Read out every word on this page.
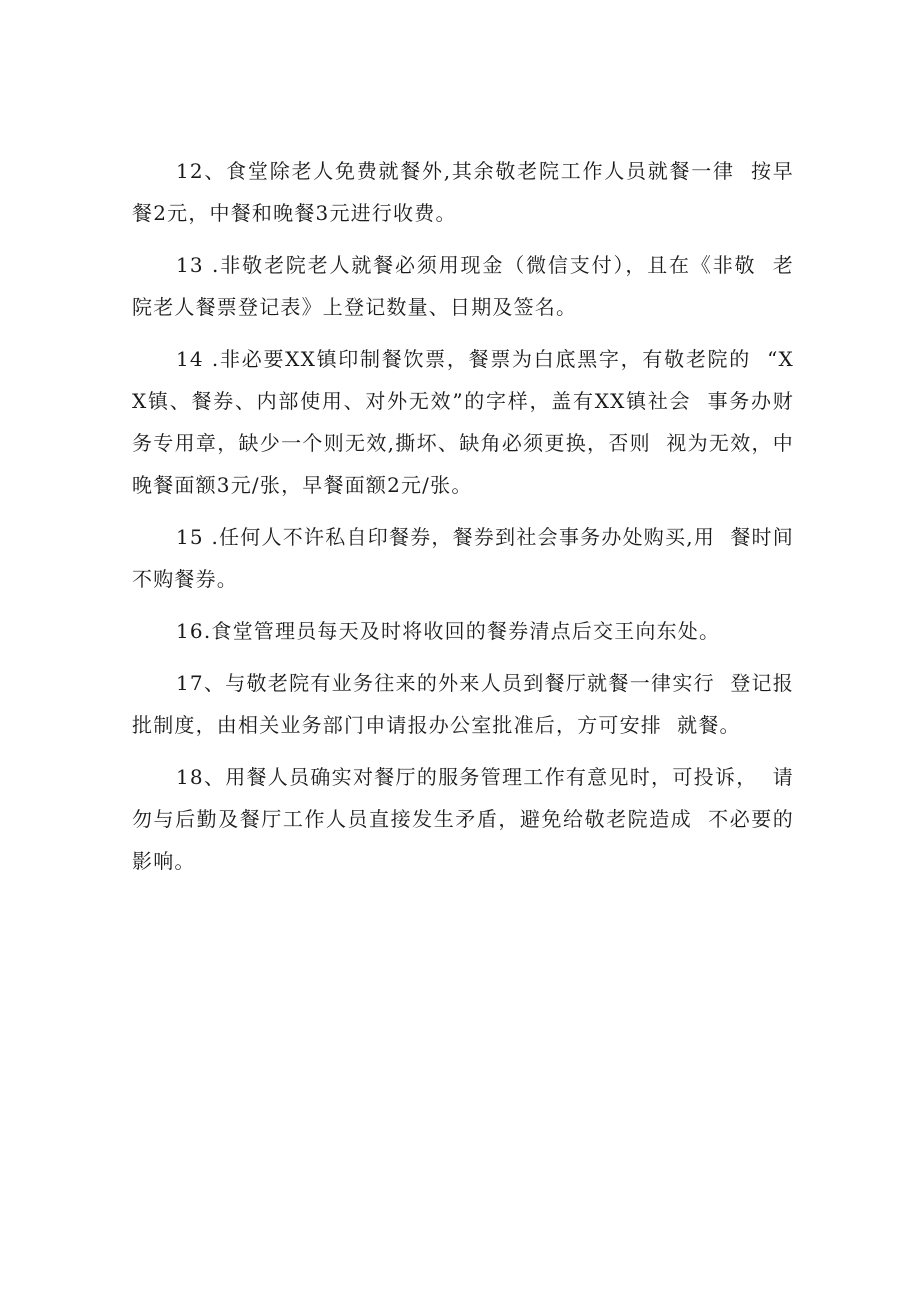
12、食堂除老人免费就餐外,其余敬老院工作人员就餐一律  按早餐2元，中餐和晚餐3元进行收费。

13 .非敬老院老人就餐必须用现金（微信支付），且在《非敬  老院老人餐票登记表》上登记数量、日期及签名。

14 .非必要XX镇印制餐饮票，餐票为白底黑字，有敬老院的  “XX镇、餐券、内部使用、对外无效”的字样，盖有XX镇社会  事务办财务专用章，缺少一个则无效,撕坏、缺角必须更换，否则  视为无效，中晚餐面额3元/张，早餐面额2元/张。

15 .任何人不许私自印餐券，餐券到社会事务办处购买,用  餐时间不购餐券。

16.食堂管理员每天及时将收回的餐券清点后交王向东处。

17、与敬老院有业务往来的外来人员到餐厅就餐一律实行  登记报批制度，由相关业务部门申请报办公室批准后，方可安排  就餐。

18、用餐人员确实对餐厅的服务管理工作有意见时，可投诉，  请勿与后勤及餐厅工作人员直接发生矛盾，避免给敬老院造成  不必要的影响。
